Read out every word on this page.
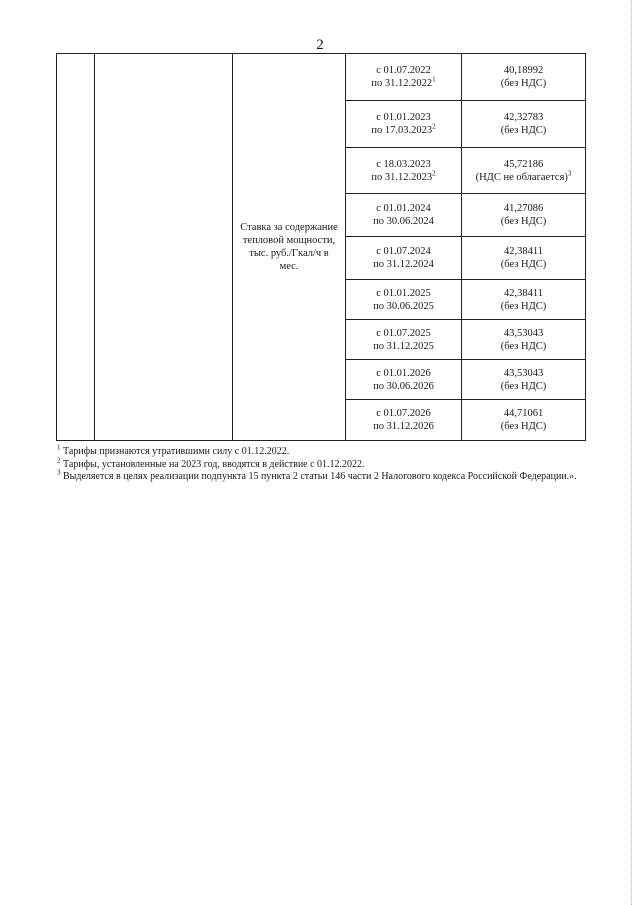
2

		Ставка за содержание тепловой мощности, тыс. руб./Гкал/ч в мес.	с 01.07.2022
по 31.12.2022$^1$	40,18992
(без НДС)

			с 01.01.2023
по 17.03.2023$^2$	42,32783
(без НДС)

			с 18.03.2023
по 31.12.2023$^2$	45,72186
(НДС не облагается)$^3$

			с 01.01.2024
по 30.06.2024	41,27086
(без НДС)

			с 01.07.2024
по 31.12.2024	42,38411
(без НДС)

			с 01.01.2025
по 30.06.2025	42,38411
(без НДС)

			с 01.07.2025
по 31.12.2025	43,53043
(без НДС)

			с 01.01.2026
по 30.06.2026	43,53043
(без НДС)

			с 01.07.2026
по 31.12.2026	44,71061
(без НДС)
$^1$ Тарифы признаются утратившими силу с 01.12.2022.
$^2$ Тарифы, установленные на 2023 год, вводятся в действие с 01.12.2022.
$^3$ Выделяется в целях реализации подпункта 15 пункта 2 статьи 146 части 2 Налогового кодекса Российской Федерации.».
